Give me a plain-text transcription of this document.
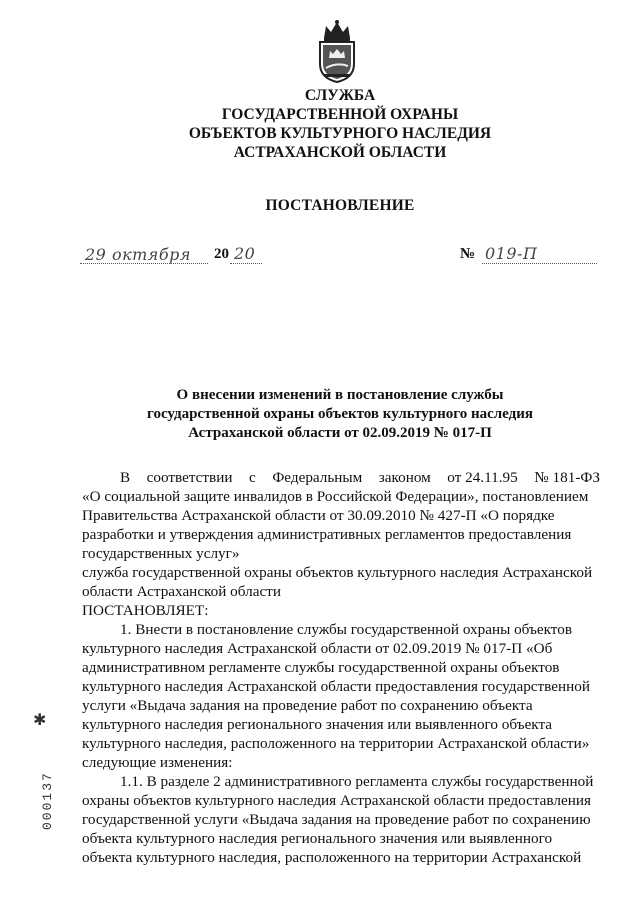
СЛУЖБА
ГОСУДАРСТВЕННОЙ ОХРАНЫ
ОБЪЕКТОВ КУЛЬТУРНОГО НАСЛЕДИЯ
АСТРАХАНСКОЙ ОБЛАСТИ
ПОСТАНОВЛЕНИЕ
29 октября 20 20	№ 019-П
О внесении изменений в постановление службы
государственной охраны объектов культурного наследия
Астраханской области от 02.09.2019 № 017-П
В соответствии с Федеральным законом от 24.11.95 № 181-ФЗ
«О социальной защите инвалидов в Российской Федерации», постановлением
Правительства Астраханской области от 30.09.2010 № 427-П «О порядке
разработки и утверждения административных регламентов предоставления
государственных услуг»
служба государственной охраны объектов культурного наследия Астраханской
области Астраханской области
ПОСТАНОВЛЯЕТ:
1. Внести в постановление службы государственной охраны объектов
культурного наследия Астраханской области от 02.09.2019 № 017-П «Об
административном регламенте службы государственной охраны объектов
культурного наследия Астраханской области предоставления государственной
услуги «Выдача задания на проведение работ по сохранению объекта
культурного наследия регионального значения или выявленного объекта
культурного наследия, расположенного на территории Астраханской области»
следующие изменения:
1.1. В разделе 2 административного регламента службы государственной
охраны объектов культурного наследия Астраханской области предоставления
государственной услуги «Выдача задания на проведение работ по сохранению
объекта культурного наследия регионального значения или выявленного
объекта культурного наследия, расположенного на территории Астраханской
✱
000137
